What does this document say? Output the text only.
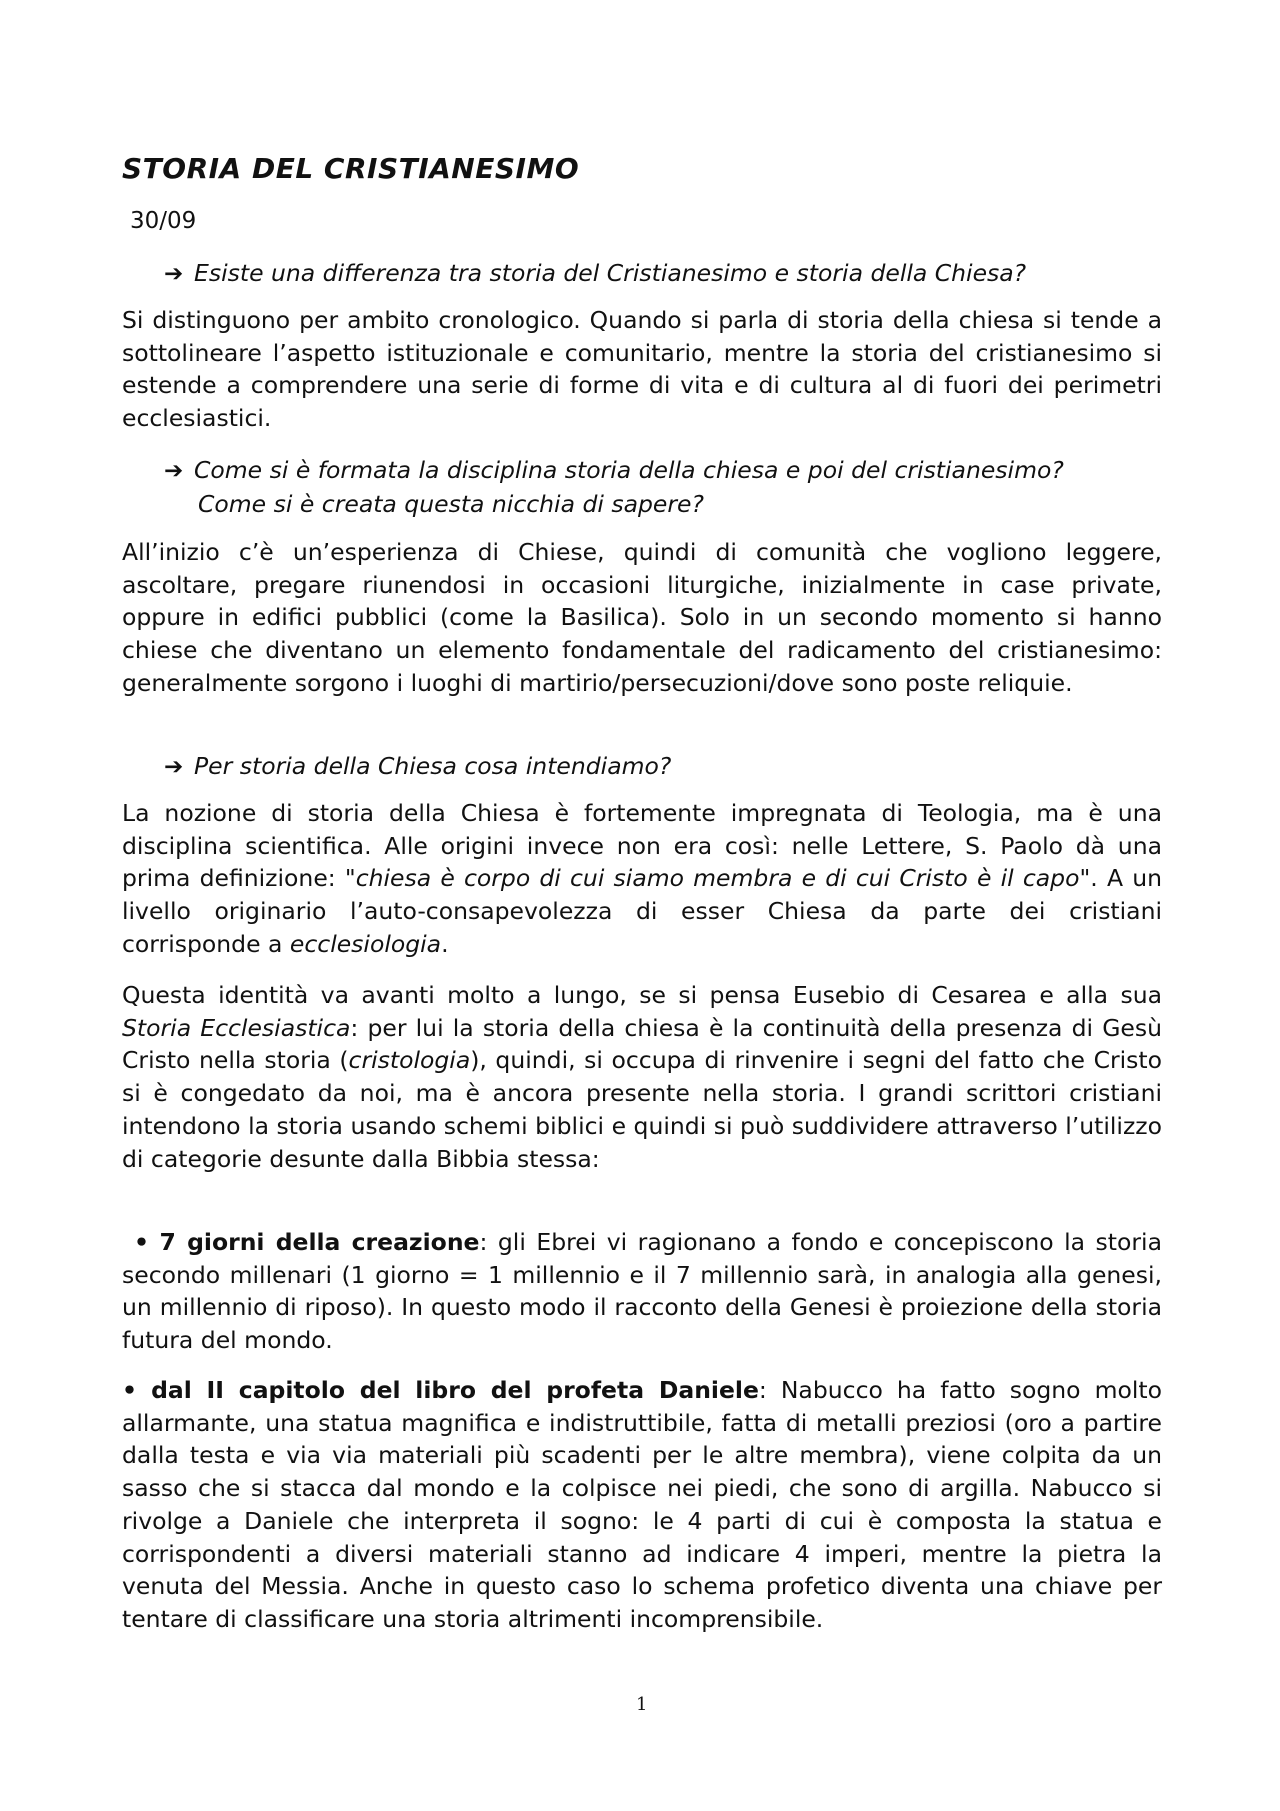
STORIA DEL CRISTIANESIMO
30/09
➔ Esiste una differenza tra storia del Cristianesimo e storia della Chiesa?

Si distinguono per ambito cronologico. Quando si parla di storia della chiesa si tende a sottolineare l’aspetto istituzionale e comunitario, mentre la storia del cristianesimo si estende a comprendere una serie di forme di vita e di cultura al di fuori dei perimetri ecclesiastici.

➔ Come si è formata la disciplina storia della chiesa e poi del cristianesimo?
Come si è creata questa nicchia di sapere?

All’inizio c’è un’esperienza di Chiese, quindi di comunità che vogliono leggere, ascoltare, pregare riunendosi in occasioni liturgiche, inizialmente in case private, oppure in edifici pubblici (come la Basilica). Solo in un secondo momento si hanno chiese che diventano un elemento fondamentale del radicamento del cristianesimo: generalmente sorgono i luoghi di martirio/persecuzioni/dove sono poste reliquie.

➔ Per storia della Chiesa cosa intendiamo?

La nozione di storia della Chiesa è fortemente impregnata di Teologia, ma è una disciplina scientifica. Alle origini invece non era così: nelle Lettere, S. Paolo dà una prima definizione: "chiesa è corpo di cui siamo membra e di cui Cristo è il capo". A un livello originario l’auto-consapevolezza di esser Chiesa da parte dei cristiani corrisponde a ecclesiologia.

Questa identità va avanti molto a lungo, se si pensa Eusebio di Cesarea e alla sua Storia Ecclesiastica: per lui la storia della chiesa è la continuità della presenza di Gesù Cristo nella storia (cristologia), quindi, si occupa di rinvenire i segni del fatto che Cristo si è congedato da noi, ma è ancora presente nella storia. I grandi scrittori cristiani intendono la storia usando schemi biblici e quindi si può suddividere attraverso l’utilizzo di categorie desunte dalla Bibbia stessa:

• 7 giorni della creazione: gli Ebrei vi ragionano a fondo e concepiscono la storia secondo millenari (1 giorno = 1 millennio e il 7 millennio sarà, in analogia alla genesi, un millennio di riposo). In questo modo il racconto della Genesi è proiezione della storia futura del mondo.

• dal II capitolo del libro del profeta Daniele: Nabucco ha fatto sogno molto allarmante, una statua magnifica e indistruttibile, fatta di metalli preziosi (oro a partire dalla testa e via via materiali più scadenti per le altre membra), viene colpita da un sasso che si stacca dal mondo e la colpisce nei piedi, che sono di argilla. Nabucco si rivolge a Daniele che interpreta il sogno: le 4 parti di cui è composta la statua e corrispondenti a diversi materiali stanno ad indicare 4 imperi, mentre la pietra la venuta del Messia. Anche in questo caso lo schema profetico diventa una chiave per tentare di classificare una storia altrimenti incomprensibile.

1
